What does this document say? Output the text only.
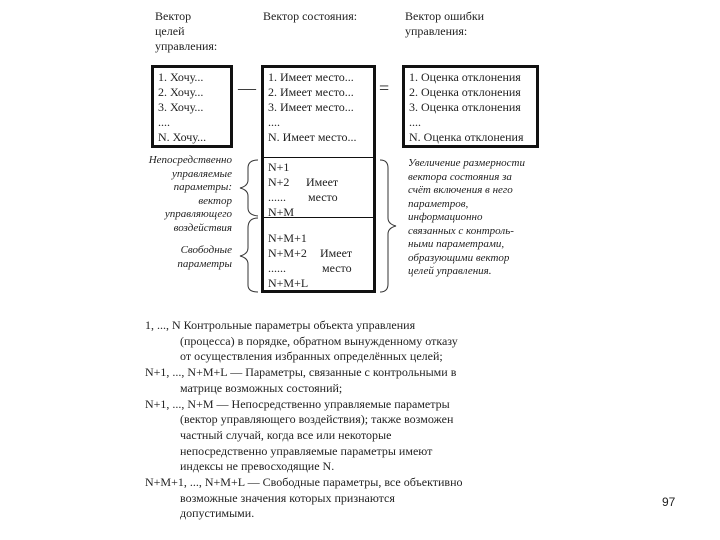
Вектор
целей
управления:
Вектор состояния:	Вектор ошибки
управления:
1. Хочу...
2. Хочу...
3. Хочу...
....
N. Хочу...
—
1. Имеет место...
2. Имеет место...
3. Имеет место...
....
N. Имеет место...
N+1
N+2
......
N+M
Имеет
место
N+M+1
N+M+2
......
N+M+L
Имеет
место
=
1. Оценка отклонения
2. Оценка отклонения
3. Оценка отклонения
....
N. Оценка отклонения
Непосредственно
управляемые
параметры:
вектор
управляющего
воздействия
Свободные
параметры
Увеличение размерности
вектора состояния за
счёт включения в него
параметров,
информационно
связанных с контроль-
ными параметрами,
образующими вектор
целей управления.
1, ..., N Контрольные параметры объекта управления
(процесса) в порядке, обратном вынужденному отказу
от осуществления избранных определённых целей;
N+1, ..., N+M+L — Параметры, связанные с контрольными в
матрице возможных состояний;
N+1, ..., N+M — Непосредственно управляемые параметры
(вектор управляющего воздействия); также возможен
частный случай, когда все или некоторые
непосредственно управляемые параметры имеют
индексы не превосходящие N.
N+M+1, ..., N+M+L — Свободные параметры, все объективно
возможные значения которых признаются
допустимыми.
97
